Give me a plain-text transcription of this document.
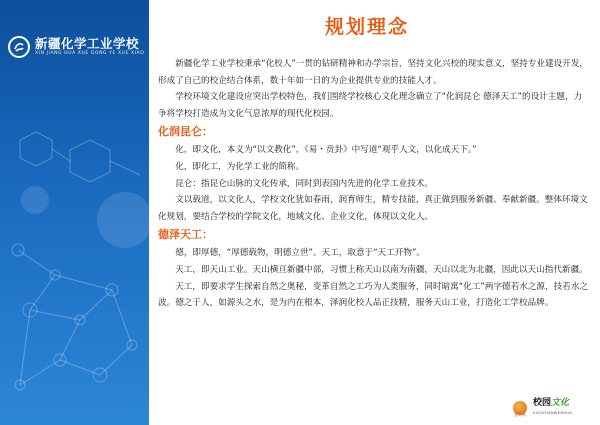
新疆化学工业学校
XIN JIANG HUA XUE GONG YE XUE XIAO
规划理念

新疆化学工业学校秉承“化校人”一贯的钻研精神和办学宗旨，坚持文化兴校的现实意义，坚持专业建设开发，形成了自己的校企结合体系，数十年如一日的为企业提供专业的技能人才。

学校环境文化建设应突出学校特色，我们围绕学校核心文化理念确立了“化润昆仑 德泽天工”的设计主题，力争将学校打造成为文化气息浓厚的现代化校园。

化润昆仑：

化，即文化，本义为“以文教化”，《易・贲卦》中写道“观乎人文，以化成天下。”

化，即化工，为化学工业的简称。

昆仑：指昆仑山脉的文化传承，同时到表国内先进的化学工业技术。

文以载道，以文化人，学校文化犹如春雨，润育师生，精专技能，真正做到服务新疆、奉献新疆。整体环境文化规划，要结合学校的学院文化，地域文化、企业文化，体现以文化人。

德泽天工：

德，即厚德，“厚德载物，明德立世”。天工，取意于“天工开物”。

天工，即天山工业。天山横亘新疆中部，习惯上称天山以南为南疆，天山以北为北疆，因此以天山指代新疆。

天工，即要求学生探索自然之奥秘，变革自然之工巧为人类服务，同时暗寓“化工”两字德若水之源，技若水之波。德之于人，如源头之水，是为内在根本，泽润化校人品正技精，服务天山工业，打造化工学校品牌。

墨朵易
校园文化
XIAOYUANWENHUA
